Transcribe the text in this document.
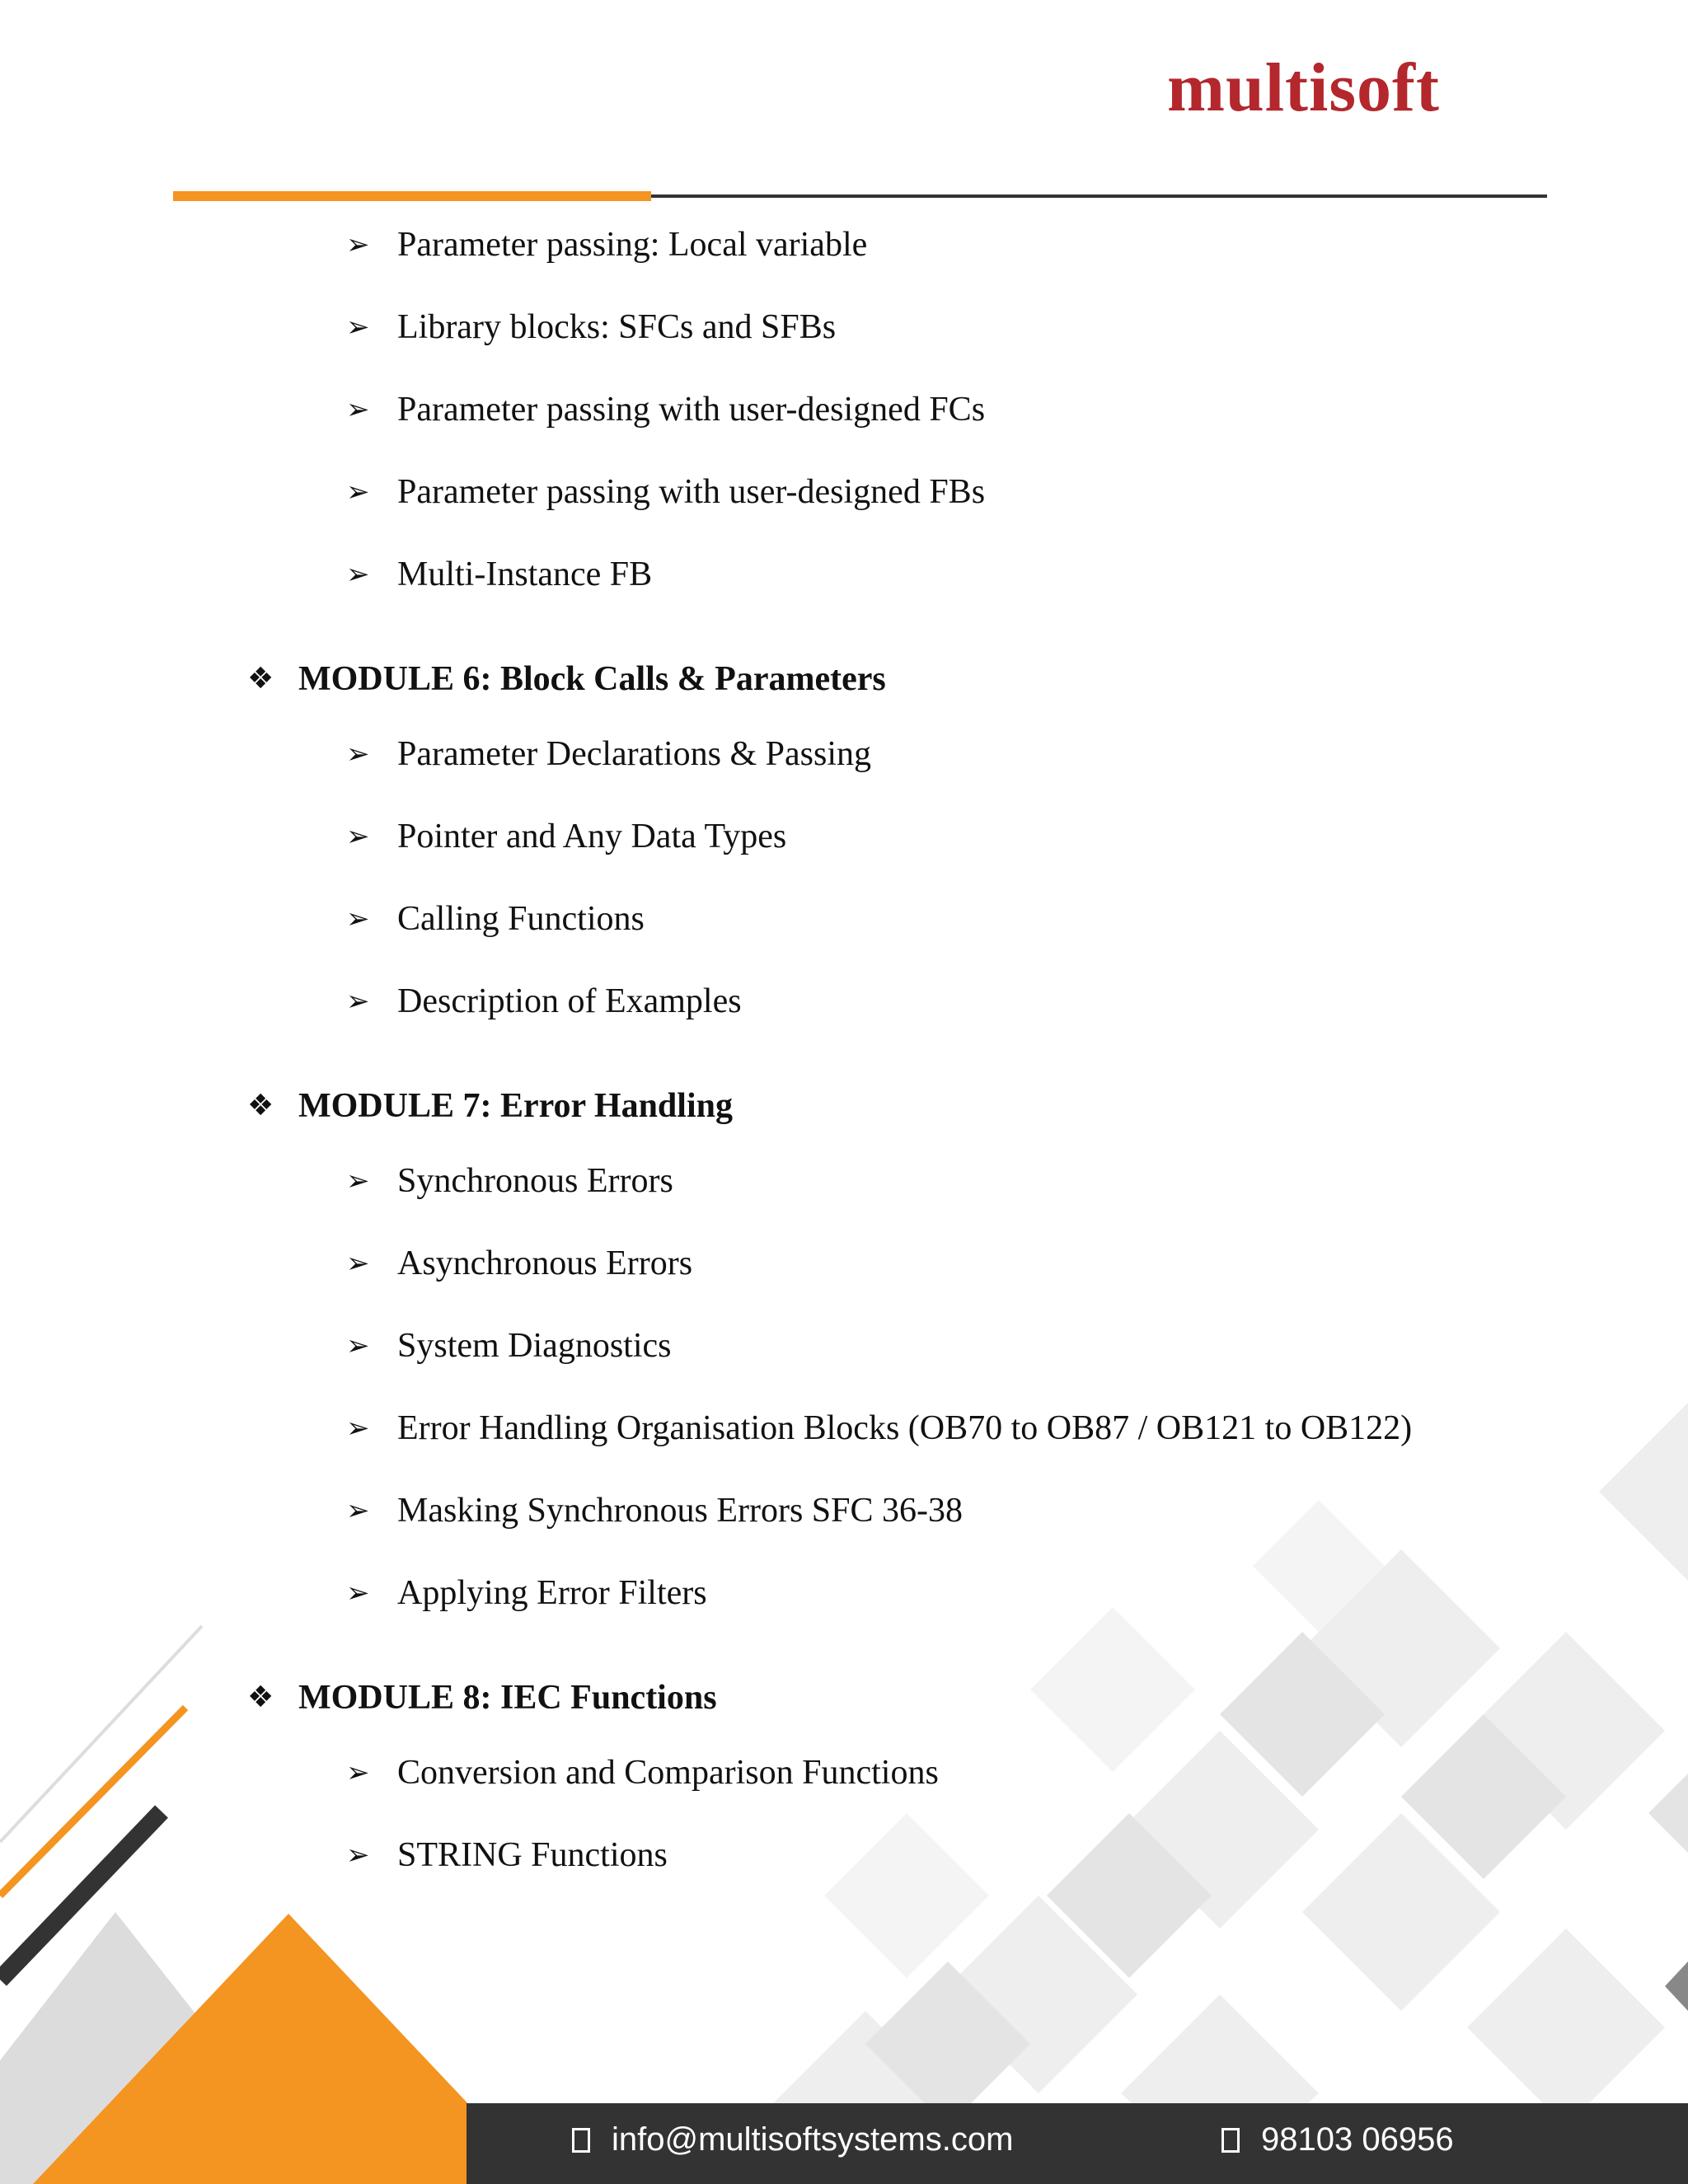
multisoft
➢ Parameter passing: Local variable
➢ Library blocks: SFCs and SFBs
➢ Parameter passing with user-designed FCs
➢ Parameter passing with user-designed FBs
➢ Multi-Instance FB
❖ MODULE 6: Block Calls & Parameters
➢ Parameter Declarations & Passing
➢ Pointer and Any Data Types
➢ Calling Functions
➢ Description of Examples
❖ MODULE 7: Error Handling
➢ Synchronous Errors
➢ Asynchronous Errors
➢ System Diagnostics
➢ Error Handling Organisation Blocks (OB70 to OB87 / OB121 to OB122)
➢ Masking Synchronous Errors SFC 36-38
➢ Applying Error Filters
❖ MODULE 8: IEC Functions
➢ Conversion and Comparison Functions
➢ STRING Functions
info@multisoftsystems.com	98103 06956
